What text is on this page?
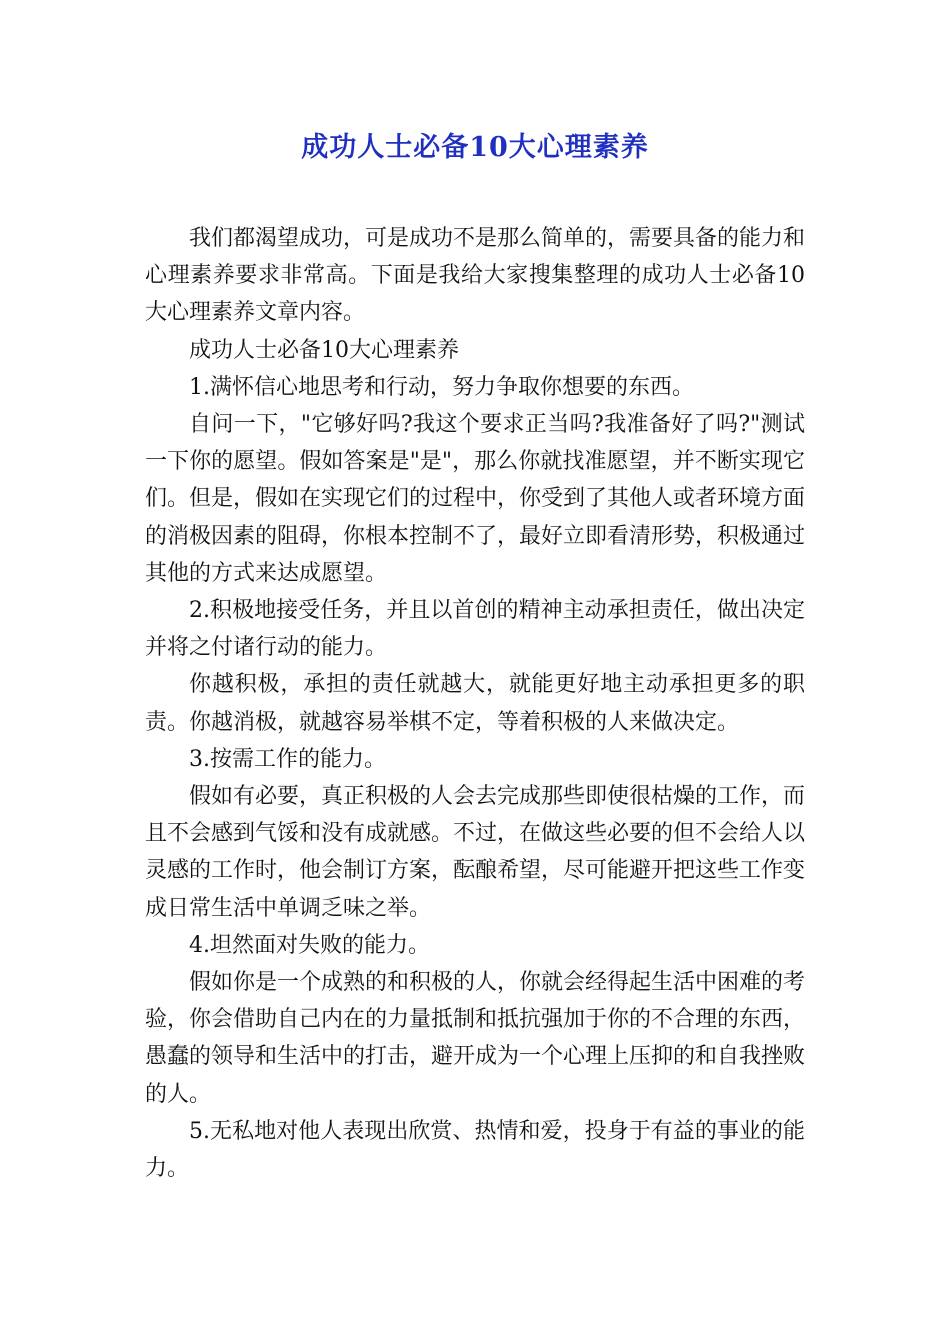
成功人士必备10大心理素养

我们都渴望成功，可是成功不是那么简单的，需要具备的能力和心理素养要求非常高。下面是我给大家搜集整理的成功人士必备10大心理素养文章内容。

成功人士必备10大心理素养

1.满怀信心地思考和行动，努力争取你想要的东西。

自问一下，"它够好吗?我这个要求正当吗?我准备好了吗?"测试一下你的愿望。假如答案是"是"，那么你就找准愿望，并不断实现它们。但是，假如在实现它们的过程中，你受到了其他人或者环境方面的消极因素的阻碍，你根本控制不了，最好立即看清形势，积极通过其他的方式来达成愿望。

2.积极地接受任务，并且以首创的精神主动承担责任，做出决定并将之付诸行动的能力。

你越积极，承担的责任就越大，就能更好地主动承担更多的职责。你越消极，就越容易举棋不定，等着积极的人来做决定。

3.按需工作的能力。

假如有必要，真正积极的人会去完成那些即使很枯燥的工作，而且不会感到气馁和没有成就感。不过，在做这些必要的但不会给人以灵感的工作时，他会制订方案，酝酿希望，尽可能避开把这些工作变成日常生活中单调乏味之举。

4.坦然面对失败的能力。

假如你是一个成熟的和积极的人，你就会经得起生活中困难的考验，你会借助自己内在的力量抵制和抵抗强加于你的不合理的东西，愚蠢的领导和生活中的打击，避开成为一个心理上压抑的和自我挫败的人。

5.无私地对他人表现出欣赏、热情和爱，投身于有益的事业的能力。
